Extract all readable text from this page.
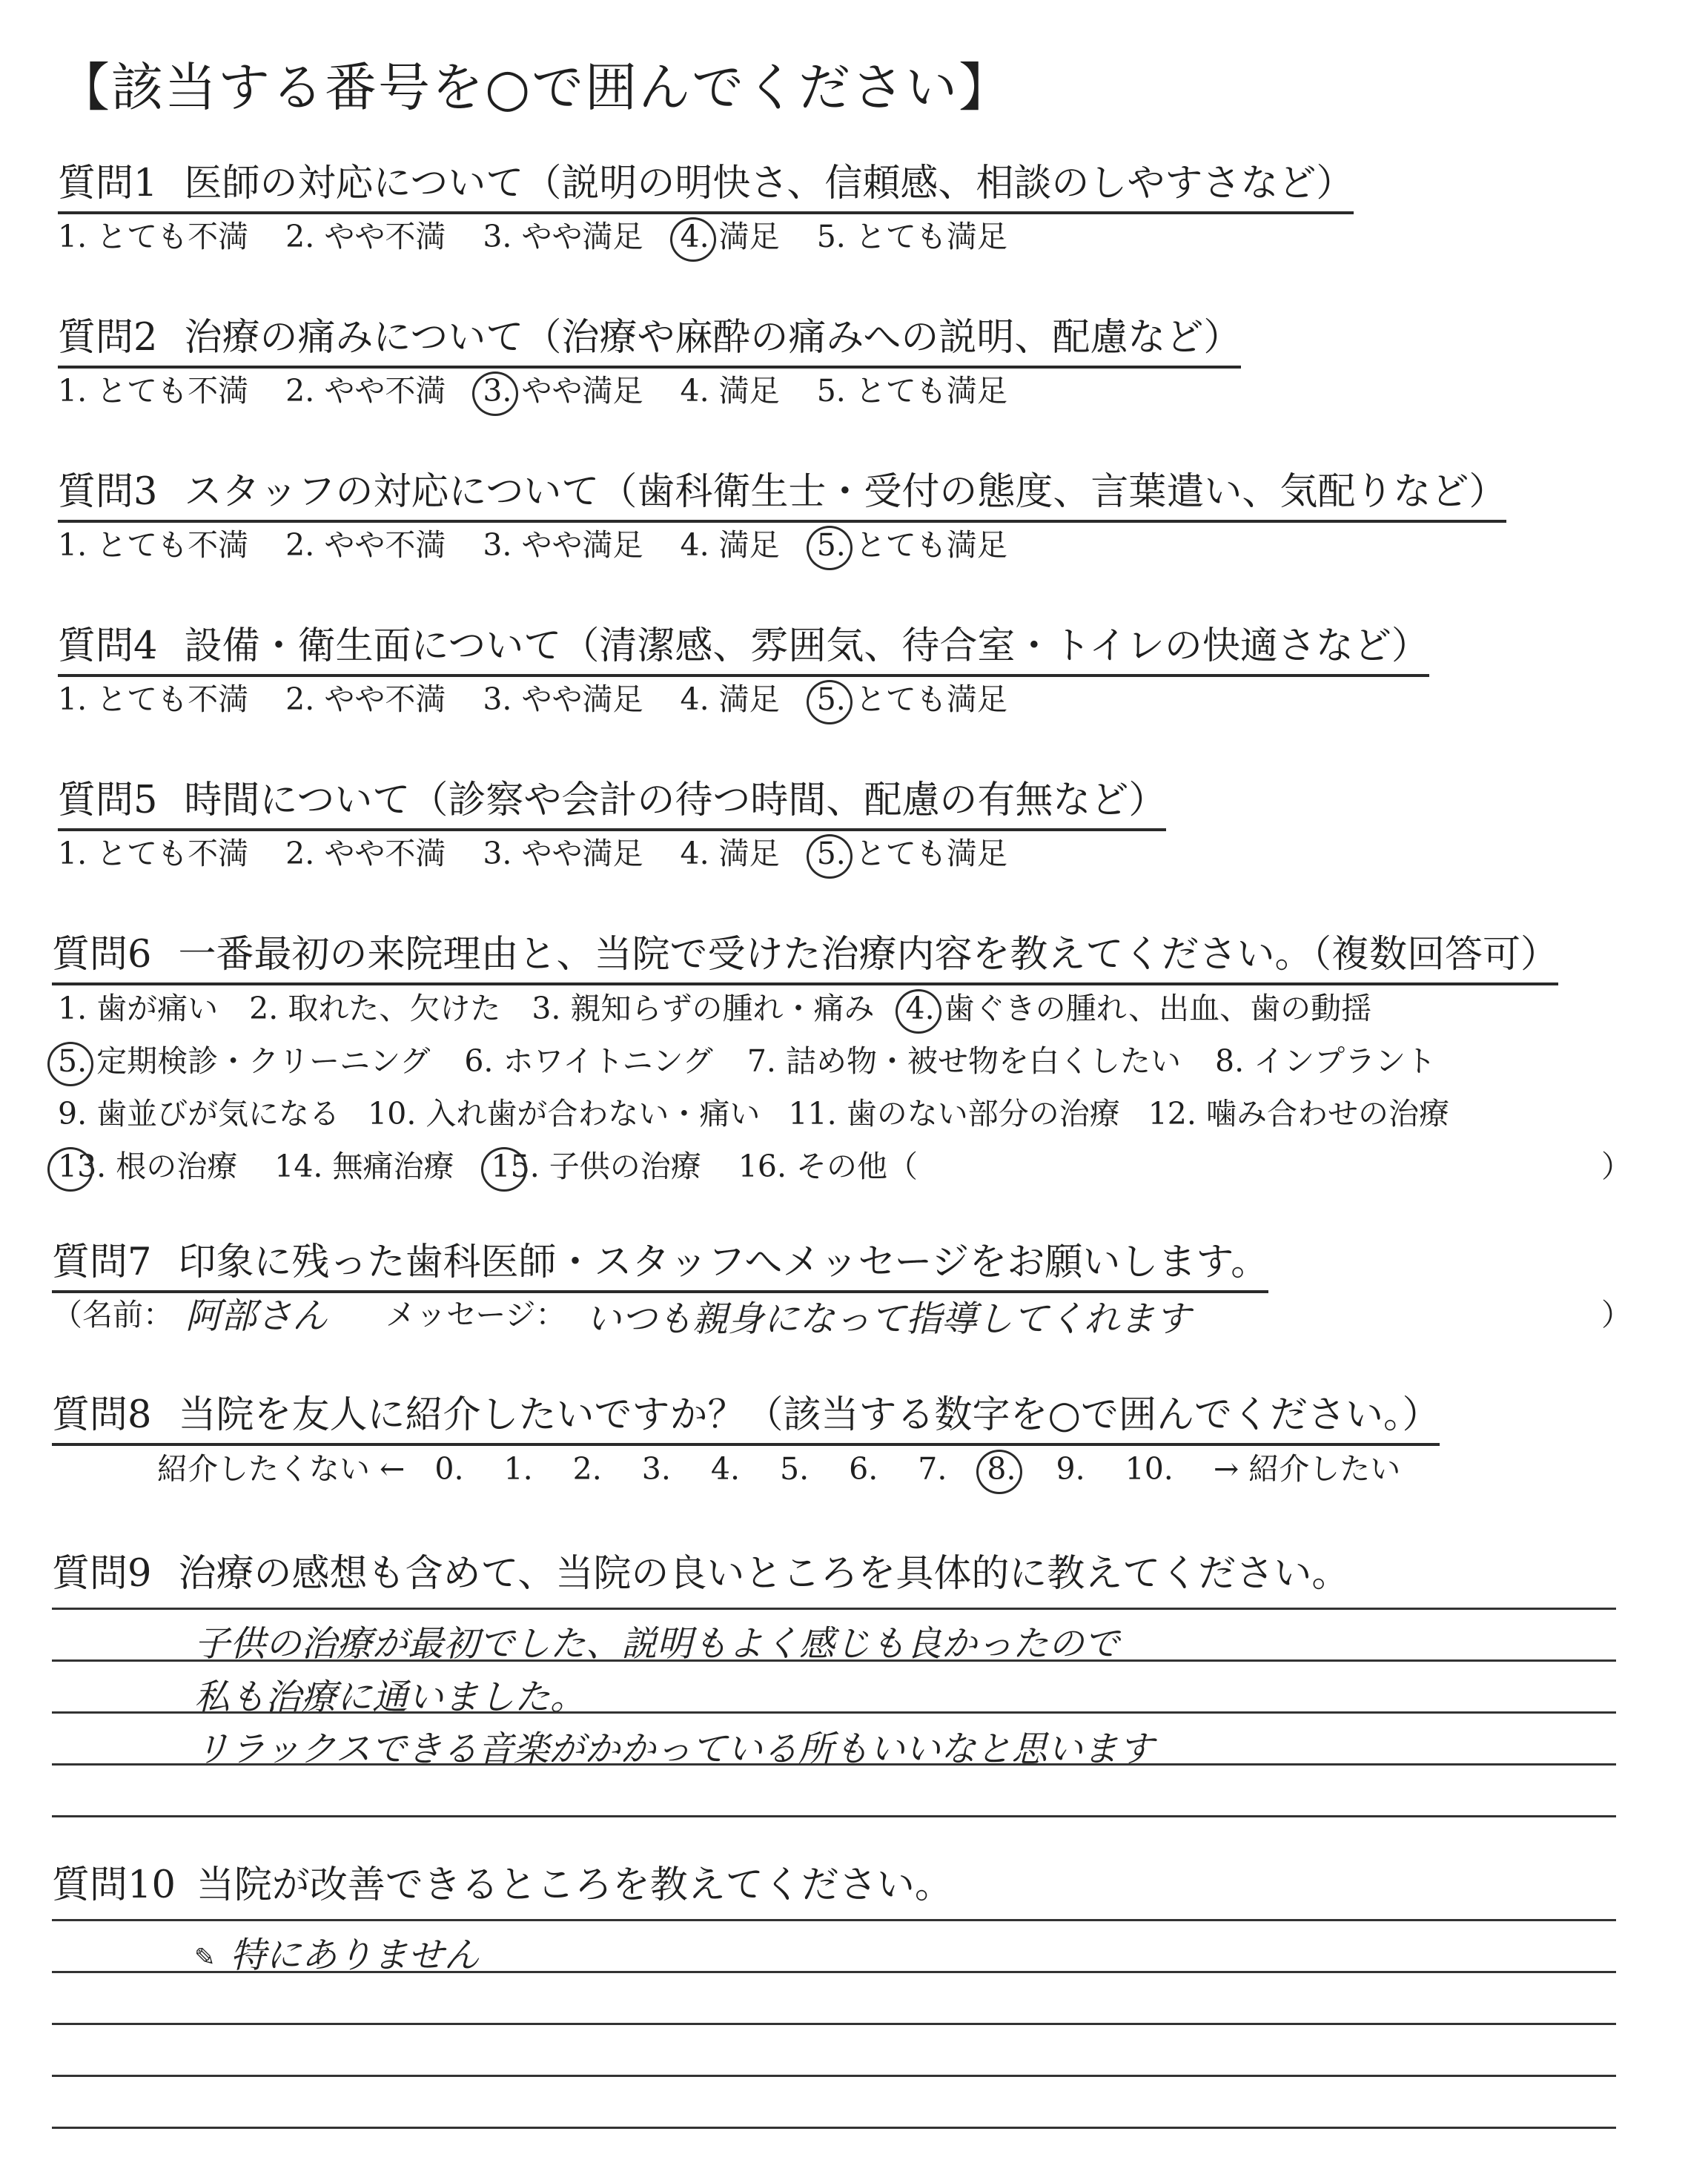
【該当する番号を○で囲んでください】
質問1 医師の対応について（説明の明快さ、信頼感、相談のしやすさなど）
1. とても不満 2. やや不満 3. やや満足 4. 満足 5. とても満足
質問2 治療の痛みについて（治療や麻酔の痛みへの説明、配慮など）
1. とても不満 2. やや不満 3. やや満足 4. 満足 5. とても満足
質問3 スタッフの対応について（歯科衛生士・受付の態度、言葉遣い、気配りなど）
1. とても不満 2. やや不満 3. やや満足 4. 満足 5. とても満足
質問4 設備・衛生面について（清潔感、雰囲気、待合室・トイレの快適さなど）
1. とても不満 2. やや不満 3. やや満足 4. 満足 5. とても満足
質問5 時間について（診察や会計の待つ時間、配慮の有無など）
1. とても不満 2. やや不満 3. やや満足 4. 満足 5. とても満足
質問6 一番最初の来院理由と、当院で受けた治療内容を教えてください。（複数回答可）
1. 歯が痛い 2. 取れた、欠けた 3. 親知らずの腫れ・痛み 4. 歯ぐきの腫れ、出血、歯の動揺
5. 定期検診・クリーニング 6. ホワイトニング 7. 詰め物・被せ物を白くしたい 8. インプラント
9. 歯並びが気になる 10. 入れ歯が合わない・痛い 11. 歯のない部分の治療 12. 噛み合わせの治療
13. 根の治療 14. 無痛治療 15. 子供の治療 16. その他（	）
質問7 印象に残った歯科医師・スタッフへメッセージをお願いします。
（名前： 阿部さん メッセージ： いつも親身になって指導してくれます	）
質問8 当院を友人に紹介したいですか？（該当する数字を○で囲んでください。）
紹介したくない ← 0. 1. 2. 3. 4. 5. 6. 7. 8. 9. 10. → 紹介したい
質問9 治療の感想も含めて、当院の良いところを具体的に教えてください。
子供の治療が最初でした、説明もよく感じも良かったので
私も治療に通いました。
リラックスできる音楽がかかっている所もいいなと思います
質問10 当院が改善できるところを教えてください。
✎ 特にありません
